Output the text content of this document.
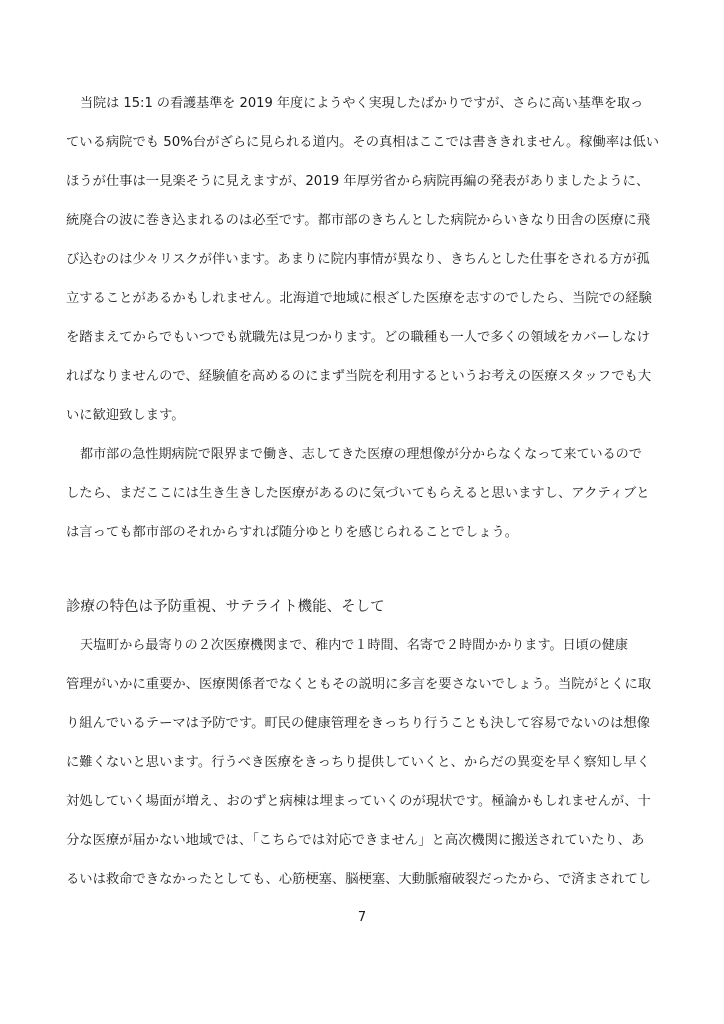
当院は 15:1 の看護基準を 2019 年度にようやく実現したばかりですが、さらに高い基準を取っ
ている病院でも 50%台がざらに見られる道内。その真相はここでは書ききれません。稼働率は低い
ほうが仕事は一見楽そうに見えますが、2019 年厚労省から病院再編の発表がありましたように、
統廃合の波に巻き込まれるのは必至です。都市部のきちんとした病院からいきなり田舎の医療に飛
び込むのは少々リスクが伴います。あまりに院内事情が異なり、きちんとした仕事をされる方が孤
立することがあるかもしれません。北海道で地域に根ざした医療を志すのでしたら、当院での経験
を踏まえてからでもいつでも就職先は見つかります。どの職種も一人で多くの領域をカバーしなけ
ればなりませんので、経験値を高めるのにまず当院を利用するというお考えの医療スタッフでも大
いに歓迎致します。
都市部の急性期病院で限界まで働き、志してきた医療の理想像が分からなくなって来ているので
したら、まだここには生き生きした医療があるのに気づいてもらえると思いますし、アクティブと
は言っても都市部のそれからすれば随分ゆとりを感じられることでしょう。
診療の特色は予防重視、サテライト機能、そして
天塩町から最寄りの２次医療機関まで、稚内で１時間、名寄で２時間かかります。日頃の健康
管理がいかに重要か、医療関係者でなくともその説明に多言を要さないでしょう。当院がとくに取
り組んでいるテーマは予防です。町民の健康管理をきっちり行うことも決して容易でないのは想像
に難くないと思います。行うべき医療をきっちり提供していくと、からだの異変を早く察知し早く
対処していく場面が増え、おのずと病棟は埋まっていくのが現状です。極論かもしれませんが、十
分な医療が届かない地域では、「こちらでは対応できません」と高次機関に搬送されていたり、あ
るいは救命できなかったとしても、心筋梗塞、脳梗塞、大動脈瘤破裂だったから、で済まされてし
7
